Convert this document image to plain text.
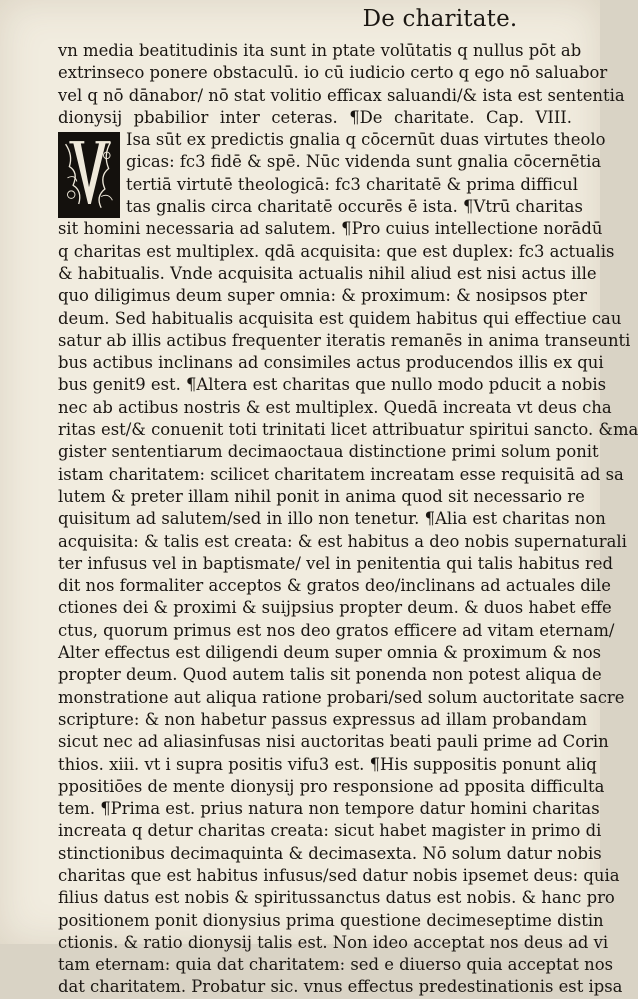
De charitate.
vn media beatitudinis ita sunt in ptate volūtatis q nullus pōt ab
extrinseco ponere obstaculū. io cū iudicio certo q ego nō saluabor
vel q nō dānabor/ nō stat volitio efficax saluandi/& ista est sententia
dionysij pbabilior inter ceteras. ¶De charitate. Cap. VIII.
Isa sūt ex predictis gnalia q cōcernūt duas virtutes theolo
gicas: fc3 fidē & spē. Nūc videnda sunt gnalia cōcernētia
tertiā virtutē theologicā: fc3 charitatē & prima difficul
tas gnalis circa charitatē occurēs ē ista. ¶Vtrū charitas
sit homini necessaria ad salutem. ¶Pro cuius intellectione norādū
q charitas est multiplex. qdā acquisita: que est duplex: fc3 actualis
& habitualis. Vnde acquisita actualis nihil aliud est nisi actus ille
quo diligimus deum super omnia: & proximum: & nosipsos pter
deum. Sed habitualis acquisita est quidem habitus qui effectiue cau
satur ab illis actibus frequenter iteratis remanēs in anima transeunti
bus actibus inclinans ad consimiles actus producendos illis ex qui
bus genit9 est. ¶Altera est charitas que nullo modo pducit a nobis
nec ab actibus nostris & est multiplex. Quedā increata vt deus cha
ritas est/& conuenit toti trinitati licet attribuatur spiritui sancto. &ma
gister sententiarum decimaoctaua distinctione primi solum ponit
istam charitatem: scilicet charitatem increatam esse requisitā ad sa
lutem & preter illam nihil ponit in anima quod sit necessario re
quisitum ad salutem/sed in illo non tenetur. ¶Alia est charitas non
acquisita: & talis est creata: & est habitus a deo nobis supernaturali
ter infusus vel in baptismate/ vel in penitentia qui talis habitus red
dit nos formaliter acceptos & gratos deo/inclinans ad actuales dile
ctiones dei & proximi & suijpsius propter deum. & duos habet effe
ctus, quorum primus est nos deo gratos efficere ad vitam eternam/
Alter effectus est diligendi deum super omnia & proximum & nos
propter deum. Quod autem talis sit ponenda non potest aliqua de
monstratione aut aliqua ratione probari/sed solum auctoritate sacre
scripture: & non habetur passus expressus ad illam probandam
sicut nec ad aliasinfusas nisi auctoritas beati pauli prime ad Corin
thios. xiii. vt i supra positis vifu3 est. ¶His suppositis ponunt aliq
ppositiōes de mente dionysij pro responsione ad pposita difficulta
tem. ¶Prima est. prius natura non tempore datur homini charitas
increata q detur charitas creata: sicut habet magister in primo di
stinctionibus decimaquinta & decimasexta. Nō solum datur nobis
charitas que est habitus infusus/sed datur nobis ipsemet deus: quia
filius datus est nobis & spiritussanctus datus est nobis. & hanc pro
positionem ponit dionysius prima questione decimeseptime distin
ctionis. & ratio dionysij talis est. Non ideo acceptat nos deus ad vi
tam eternam: quia dat charitatem: sed e diuerso quia acceptat nos
dat charitatem. Probatur sic. vnus effectus predestinationis est ipsa
